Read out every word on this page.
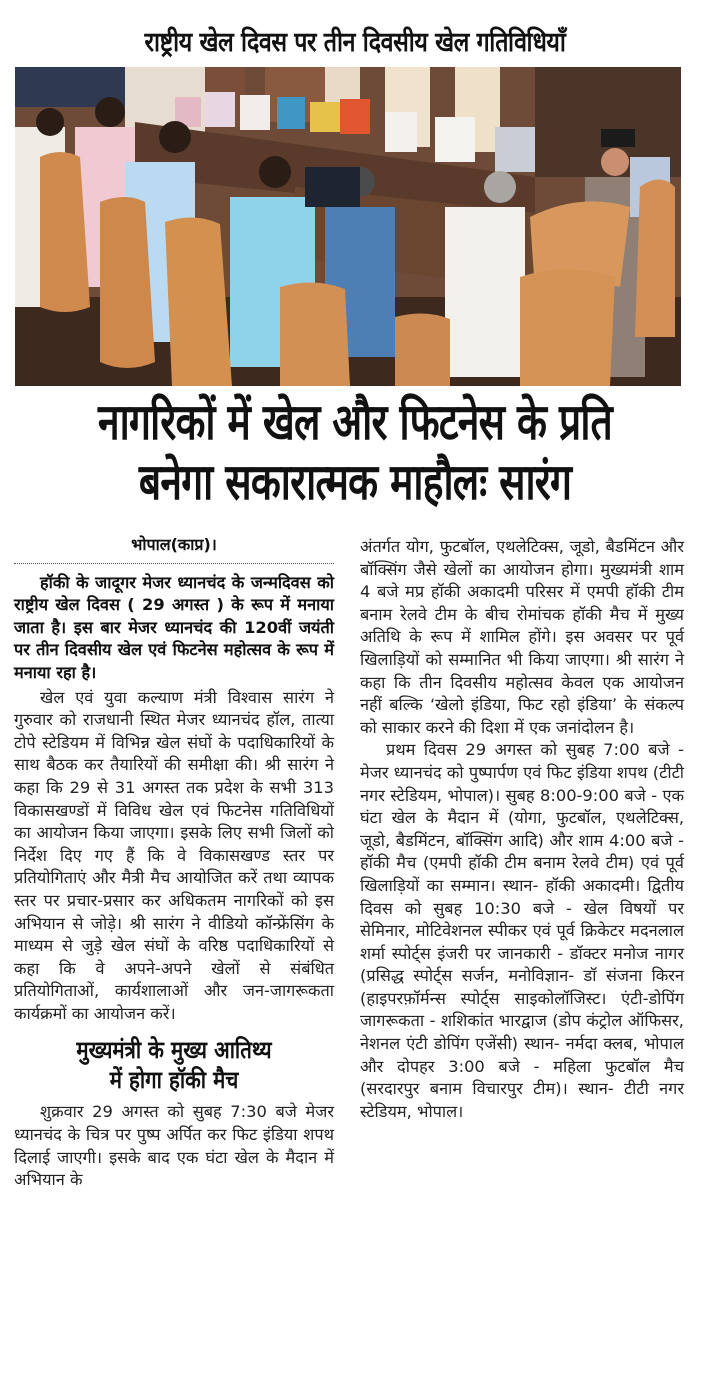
राष्ट्रीय खेल दिवस पर तीन दिवसीय खेल गतिविधियाँ
नागरिकों में खेल और फिटनेस के प्रति
बनेगा सकारात्मक माहौलः सारंग
भोपाल(काप्र)।

हॉकी के जादूगर मेजर ध्यानचंद के जन्मदिवस को राष्ट्रीय खेल दिवस ( 29 अगस्त ) के रूप में मनाया जाता है। इस बार मेजर ध्यानचंद की 120वीं जयंती पर तीन दिवसीय खेल एवं फिटनेस महोत्सव के रूप में मनाया रहा है।

खेल एवं युवा कल्याण मंत्री विश्वास सारंग ने गुरुवार को राजधानी स्थित मेजर ध्यानचंद हॉल, तात्या टोपे स्टेडियम में विभिन्न खेल संघों के पदाधिकारियों के साथ बैठक कर तैयारियों की समीक्षा की। श्री सारंग ने कहा कि 29 से 31 अगस्त तक प्रदेश के सभी 313 विकासखण्डों में विविध खेल एवं फिटनेस गतिविधियों का आयोजन किया जाएगा। इसके लिए सभी जिलों को निर्देश दिए गए हैं कि वे विकासखण्ड स्तर पर प्रतियोगिताएं और मैत्री मैच आयोजित करें तथा व्यापक स्तर पर प्रचार-प्रसार कर अधिकतम नागरिकों को इस अभियान से जोड़े। श्री सारंग ने वीडियो कॉन्फ्रेंसिंग के माध्यम से जुड़े खेल संघों के वरिष्ठ पदाधिकारियों से कहा कि वे अपने-अपने खेलों से संबंधित प्रतियोगिताओं, कार्यशालाओं और जन-जागरूकता कार्यक्रमों का आयोजन करें।

मुख्यमंत्री के मुख्य आतिथ्य
में होगा हॉकी मैच

शुक्रवार 29 अगस्त को सुबह 7:30 बजे मेजर ध्यानचंद के चित्र पर पुष्प अर्पित कर फिट इंडिया शपथ दिलाई जाएगी। इसके बाद एक घंटा खेल के मैदान में अभियान के

अंतर्गत योग, फुटबॉल, एथलेटिक्स, जूडो, बैडमिंटन और बॉक्सिंग जैसे खेलों का आयोजन होगा। मुख्यमंत्री शाम 4 बजे मप्र हॉकी अकादमी परिसर में एमपी हॉकी टीम बनाम रेलवे टीम के बीच रोमांचक हॉकी मैच में मुख्य अतिथि के रूप में शामिल होंगे। इस अवसर पर पूर्व खिलाड़ियों को सम्मानित भी किया जाएगा। श्री सारंग ने कहा कि तीन दिवसीय महोत्सव केवल एक आयोजन नहीं बल्कि ‘खेलो इंडिया, फिट रहो इंडिया’ के संकल्प को साकार करने की दिशा में एक जनांदोलन है।

प्रथम दिवस 29 अगस्त को सुबह 7:00 बजे - मेजर ध्यानचंद को पुष्पार्पण एवं फिट इंडिया शपथ (टीटी नगर स्टेडियम, भोपाल)। सुबह 8:00-9:00 बजे - एक घंटा खेल के मैदान में (योगा, फुटबॉल, एथलेटिक्स, जूडो, बैडमिंटन, बॉक्सिंग आदि) और शाम 4:00 बजे - हॉकी मैच (एमपी हॉकी टीम बनाम रेलवे टीम) एवं पूर्व खिलाड़ियों का सम्मान। स्थान- हॉकी अकादमी। द्वितीय दिवस को सुबह 10:30 बजे - खेल विषयों पर सेमिनार, मोटिवेशनल स्पीकर एवं पूर्व क्रिकेटर मदनलाल शर्मा स्पोर्ट्स इंजरी पर जानकारी - डॉक्टर मनोज नागर (प्रसिद्ध स्पोर्ट्स सर्जन, मनोविज्ञान- डॉ संजना किरन (हाइपरफ़ॉर्मन्स स्पोर्ट्स साइकोलॉजिस्ट। एंटी-डोपिंग जागरूकता - शशिकांत भारद्वाज (डोप कंट्रोल ऑफिसर, नेशनल एंटी डोपिंग एजेंसी) स्थान- नर्मदा क्लब, भोपाल और दोपहर 3:00 बजे - महिला फुटबॉल मैच (सरदारपुर बनाम विचारपुर टीम)। स्थान- टीटी नगर स्टेडियम, भोपाल।
